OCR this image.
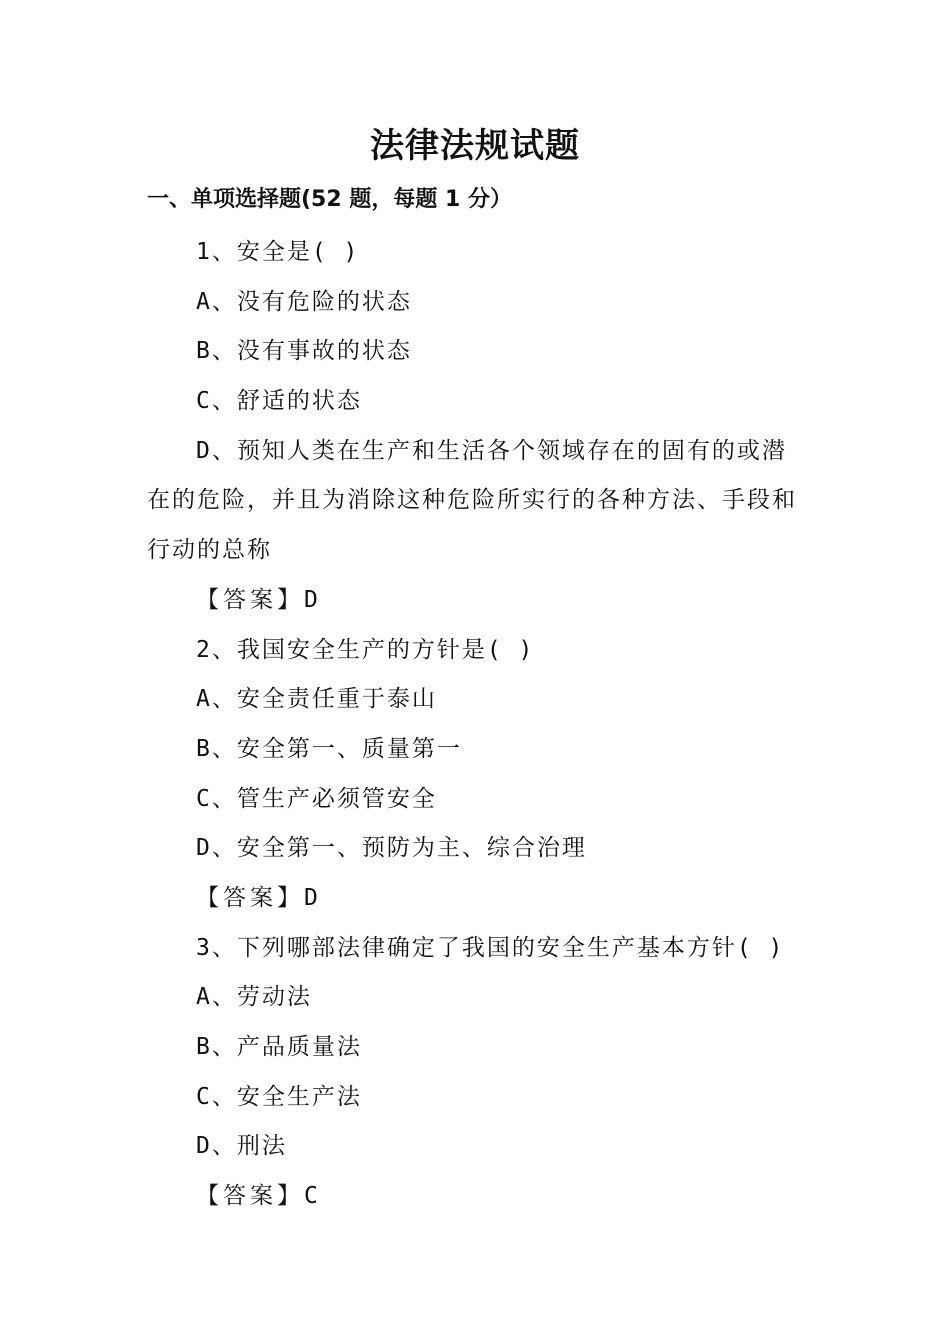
法律法规试题
一、单项选择题(52 题，每题 1 分）
1、安全是( )
A、没有危险的状态
B、没有事故的状态
C、舒适的状态
D、预知人类在生产和生活各个领域存在的固有的或潜
在的危险，并且为消除这种危险所实行的各种方法、手段和
行动的总称
【答案】D
2、我国安全生产的方针是( )
A、安全责任重于泰山
B、安全第一、质量第一
C、管生产必须管安全
D、安全第一、预防为主、综合治理
【答案】D
3、下列哪部法律确定了我国的安全生产基本方针( )
A、劳动法
B、产品质量法
C、安全生产法
D、刑法
【答案】C
